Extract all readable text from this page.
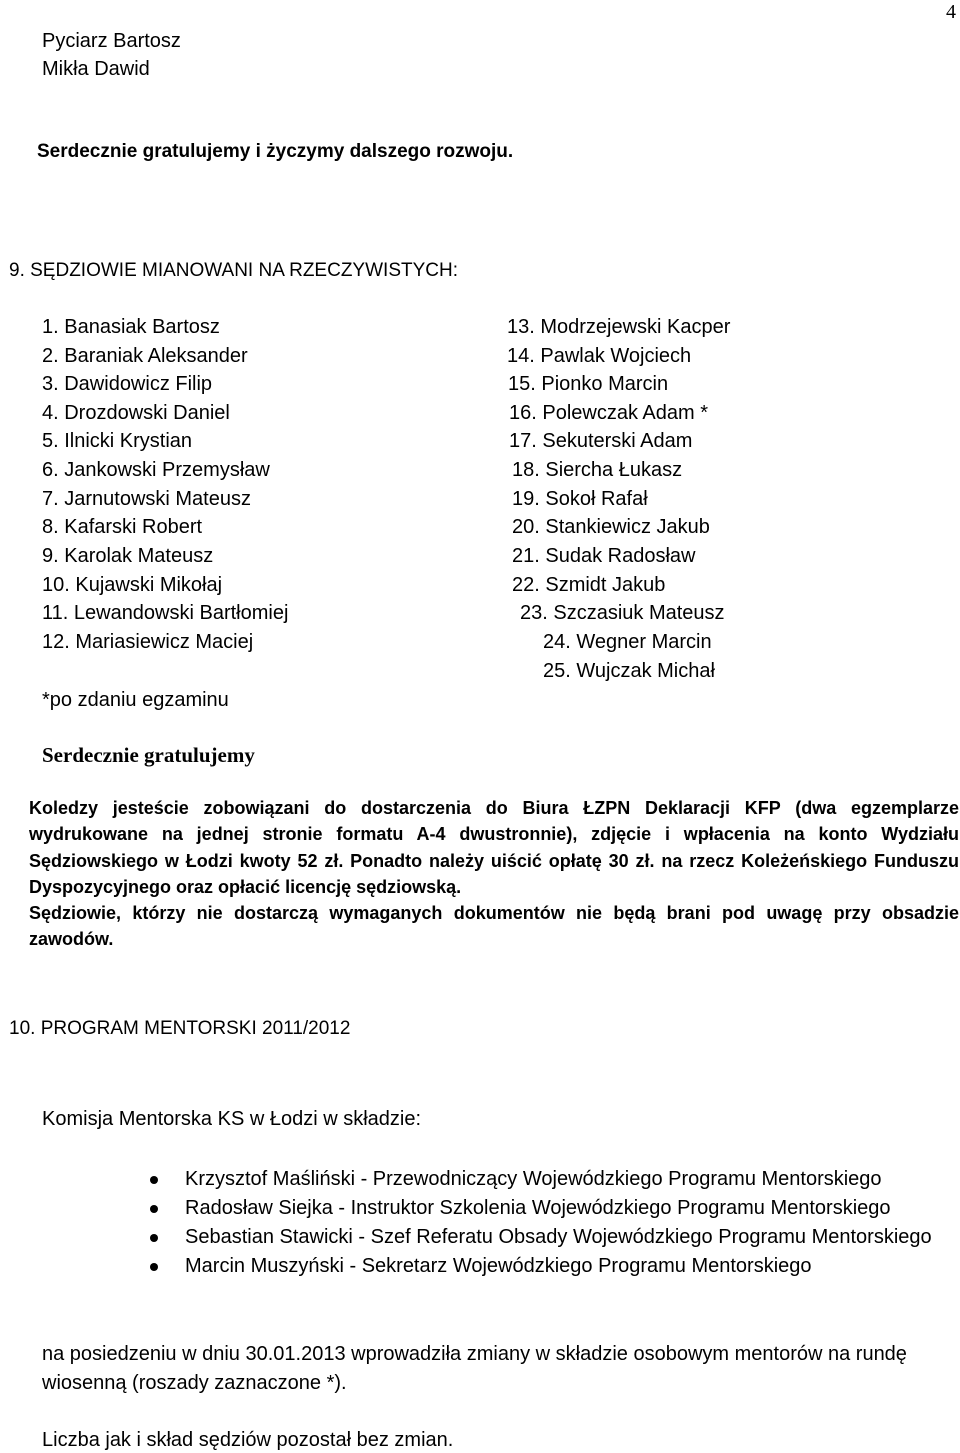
4
Pyciarz Bartosz
Mikła Dawid
Serdecznie gratulujemy i życzymy dalszego rozwoju.
9. SĘDZIOWIE MIANOWANI NA RZECZYWISTYCH:
1. Banasiak Bartosz
2. Baraniak Aleksander
3. Dawidowicz Filip
4. Drozdowski Daniel
5. Ilnicki Krystian
6. Jankowski Przemysław
7. Jarnutowski Mateusz
8. Kafarski Robert
9. Karolak Mateusz
10. Kujawski Mikołaj
11. Lewandowski Bartłomiej
12. Mariasiewicz Maciej
13. Modrzejewski Kacper
14. Pawlak Wojciech
15. Pionko Marcin
16. Polewczak Adam *
17. Sekuterski Adam
18. Siercha Łukasz
19. Sokoł Rafał
20. Stankiewicz Jakub
21. Sudak Radosław
22. Szmidt Jakub
23. Szczasiuk Mateusz
24. Wegner Marcin
25. Wujczak Michał
*po zdaniu egzaminu
Serdecznie gratulujemy

Koledzy jesteście zobowiązani do dostarczenia do Biura ŁZPN Deklaracji KFP (dwa egzemplarze wydrukowane na jednej stronie formatu A-4 dwustronnie), zdjęcie i wpłacenia na konto Wydziału Sędziowskiego w Łodzi kwoty 52 zł. Ponadto należy uiścić opłatę 30 zł. na rzecz Koleżeńskiego Funduszu Dyspozycyjnego oraz opłacić licencję sędziowską.

Sędziowie, którzy nie dostarczą wymaganych dokumentów nie będą brani pod uwagę przy obsadzie zawodów.

10. PROGRAM MENTORSKI 2011/2012
Komisja Mentorska KS w Łodzi w składzie:
Krzysztof Maśliński - Przewodniczący Wojewódzkiego Programu Mentorskiego
Radosław Siejka - Instruktor Szkolenia Wojewódzkiego Programu Mentorskiego
Sebastian Stawicki - Szef Referatu Obsady Wojewódzkiego Programu Mentorskiego
Marcin Muszyński - Sekretarz Wojewódzkiego Programu Mentorskiego
na posiedzeniu w dniu 30.01.2013 wprowadziła zmiany w składzie osobowym mentorów na rundę wiosenną (roszady zaznaczone *).
Liczba jak i skład sędziów pozostał bez zmian.
